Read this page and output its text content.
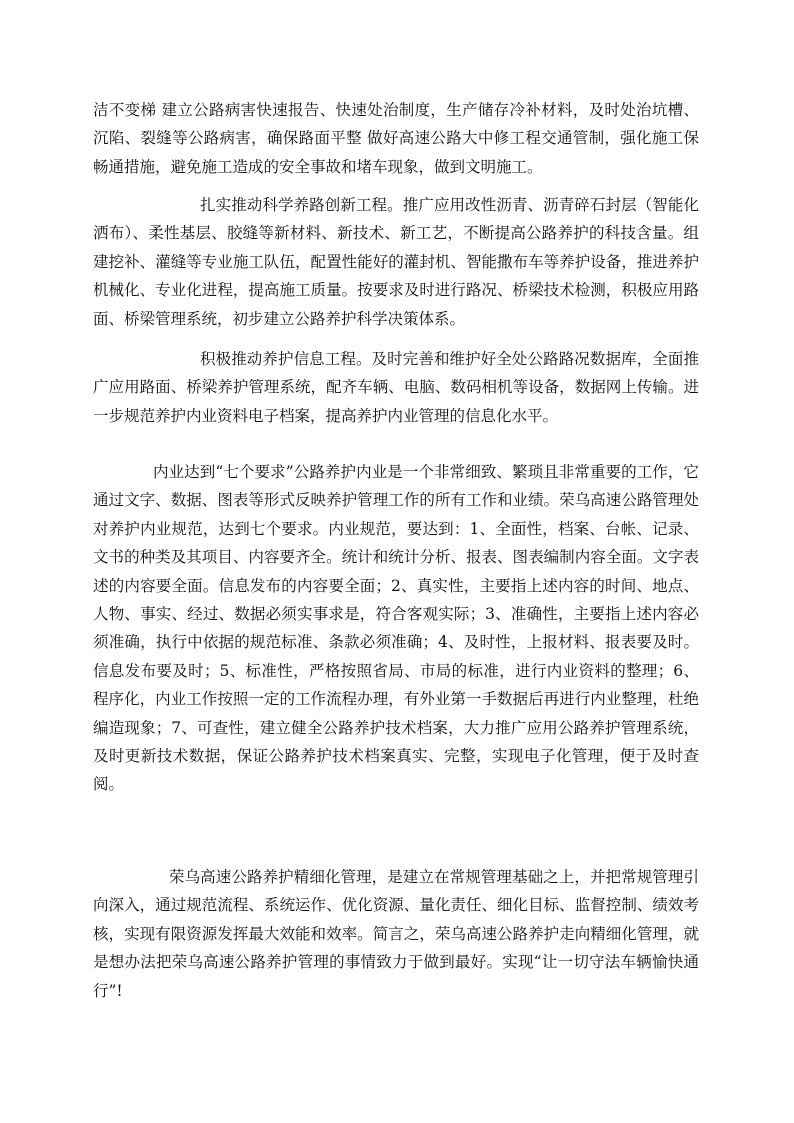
洁不变梯 建立公路病害快速报告、快速处治制度，生产储存冷补材料，及时处治坑槽、沉陷、裂缝等公路病害，确保路面平整 做好高速公路大中修工程交通管制，强化施工保畅通措施，避免施工造成的安全事故和堵车现象，做到文明施工。

扎实推动科学养路创新工程。推广应用改性沥青、沥青碎石封层（智能化洒布）、柔性基层、胶缝等新材料、新技术、新工艺，不断提高公路养护的科技含量。组建挖补、灌缝等专业施工队伍，配置性能好的灌封机、智能撒布车等养护设备，推进养护机械化、专业化进程，提高施工质量。按要求及时进行路况、桥梁技术检测，积极应用路面、桥梁管理系统，初步建立公路养护科学决策体系。

积极推动养护信息工程。及时完善和维护好全处公路路况数据库，全面推广应用路面、桥梁养护管理系统，配齐车辆、电脑、数码相机等设备，数据网上传输。进一步规范养护内业资料电子档案，提高养护内业管理的信息化水平。

内业达到“七个要求”公路养护内业是一个非常细致、繁琐且非常重要的工作，它通过文字、数据、图表等形式反映养护管理工作的所有工作和业绩。荣乌高速公路管理处对养护内业规范，达到七个要求。内业规范，要达到：1、全面性，档案、台帐、记录、文书的种类及其项目、内容要齐全。统计和统计分析、报表、图表编制内容全面。文字表述的内容要全面。信息发布的内容要全面；2、真实性，主要指上述内容的时间、地点、人物、事实、经过、数据必须实事求是，符合客观实际；3、准确性，主要指上述内容必须准确，执行中依据的规范标准、条款必须准确；4、及时性，上报材料、报表要及时。信息发布要及时；5、标准性，严格按照省局、市局的标准，进行内业资料的整理；6、程序化，内业工作按照一定的工作流程办理，有外业第一手数据后再进行内业整理，杜绝编造现象；7、可查性，建立健全公路养护技术档案，大力推广应用公路养护管理系统，及时更新技术数据，保证公路养护技术档案真实、完整，实现电子化管理，便于及时查阅。

荣乌高速公路养护精细化管理，是建立在常规管理基础之上，并把常规管理引向深入，通过规范流程、系统运作、优化资源、量化责任、细化目标、监督控制、绩效考核，实现有限资源发挥最大效能和效率。简言之，荣乌高速公路养护走向精细化管理，就是想办法把荣乌高速公路养护管理的事情致力于做到最好。实现“让一切守法车辆愉快通行”!
